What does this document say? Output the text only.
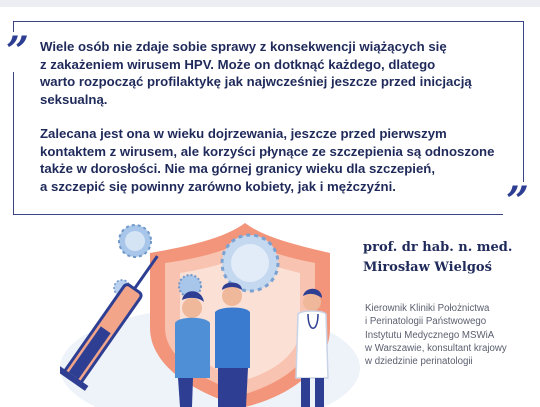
”
”

Wiele osób nie zdaje sobie sprawy z konsekwencji wiążących się
z zakażeniem wirusem HPV. Może on dotknąć każdego, dlatego
warto rozpocząć profilaktykę jak najwcześniej jeszcze przed inicjacją
seksualną.

Zalecana jest ona w wieku dojrzewania, jeszcze przed pierwszym
kontaktem z wirusem, ale korzyści płynące ze szczepienia są odnoszone
także w dorosłości. Nie ma górnej granicy wieku dla szczepień,
a szczepić się powinny zarówno kobiety, jak i mężczyźni.

prof. dr hab. n. med.
Mirosław Wielgoś
Kierownik Kliniki Położnictwa
i Perinatologii Państwowego
Instytutu Medycznego MSWiA
w Warszawie, konsultant krajowy
w dziedzinie perinatologii
